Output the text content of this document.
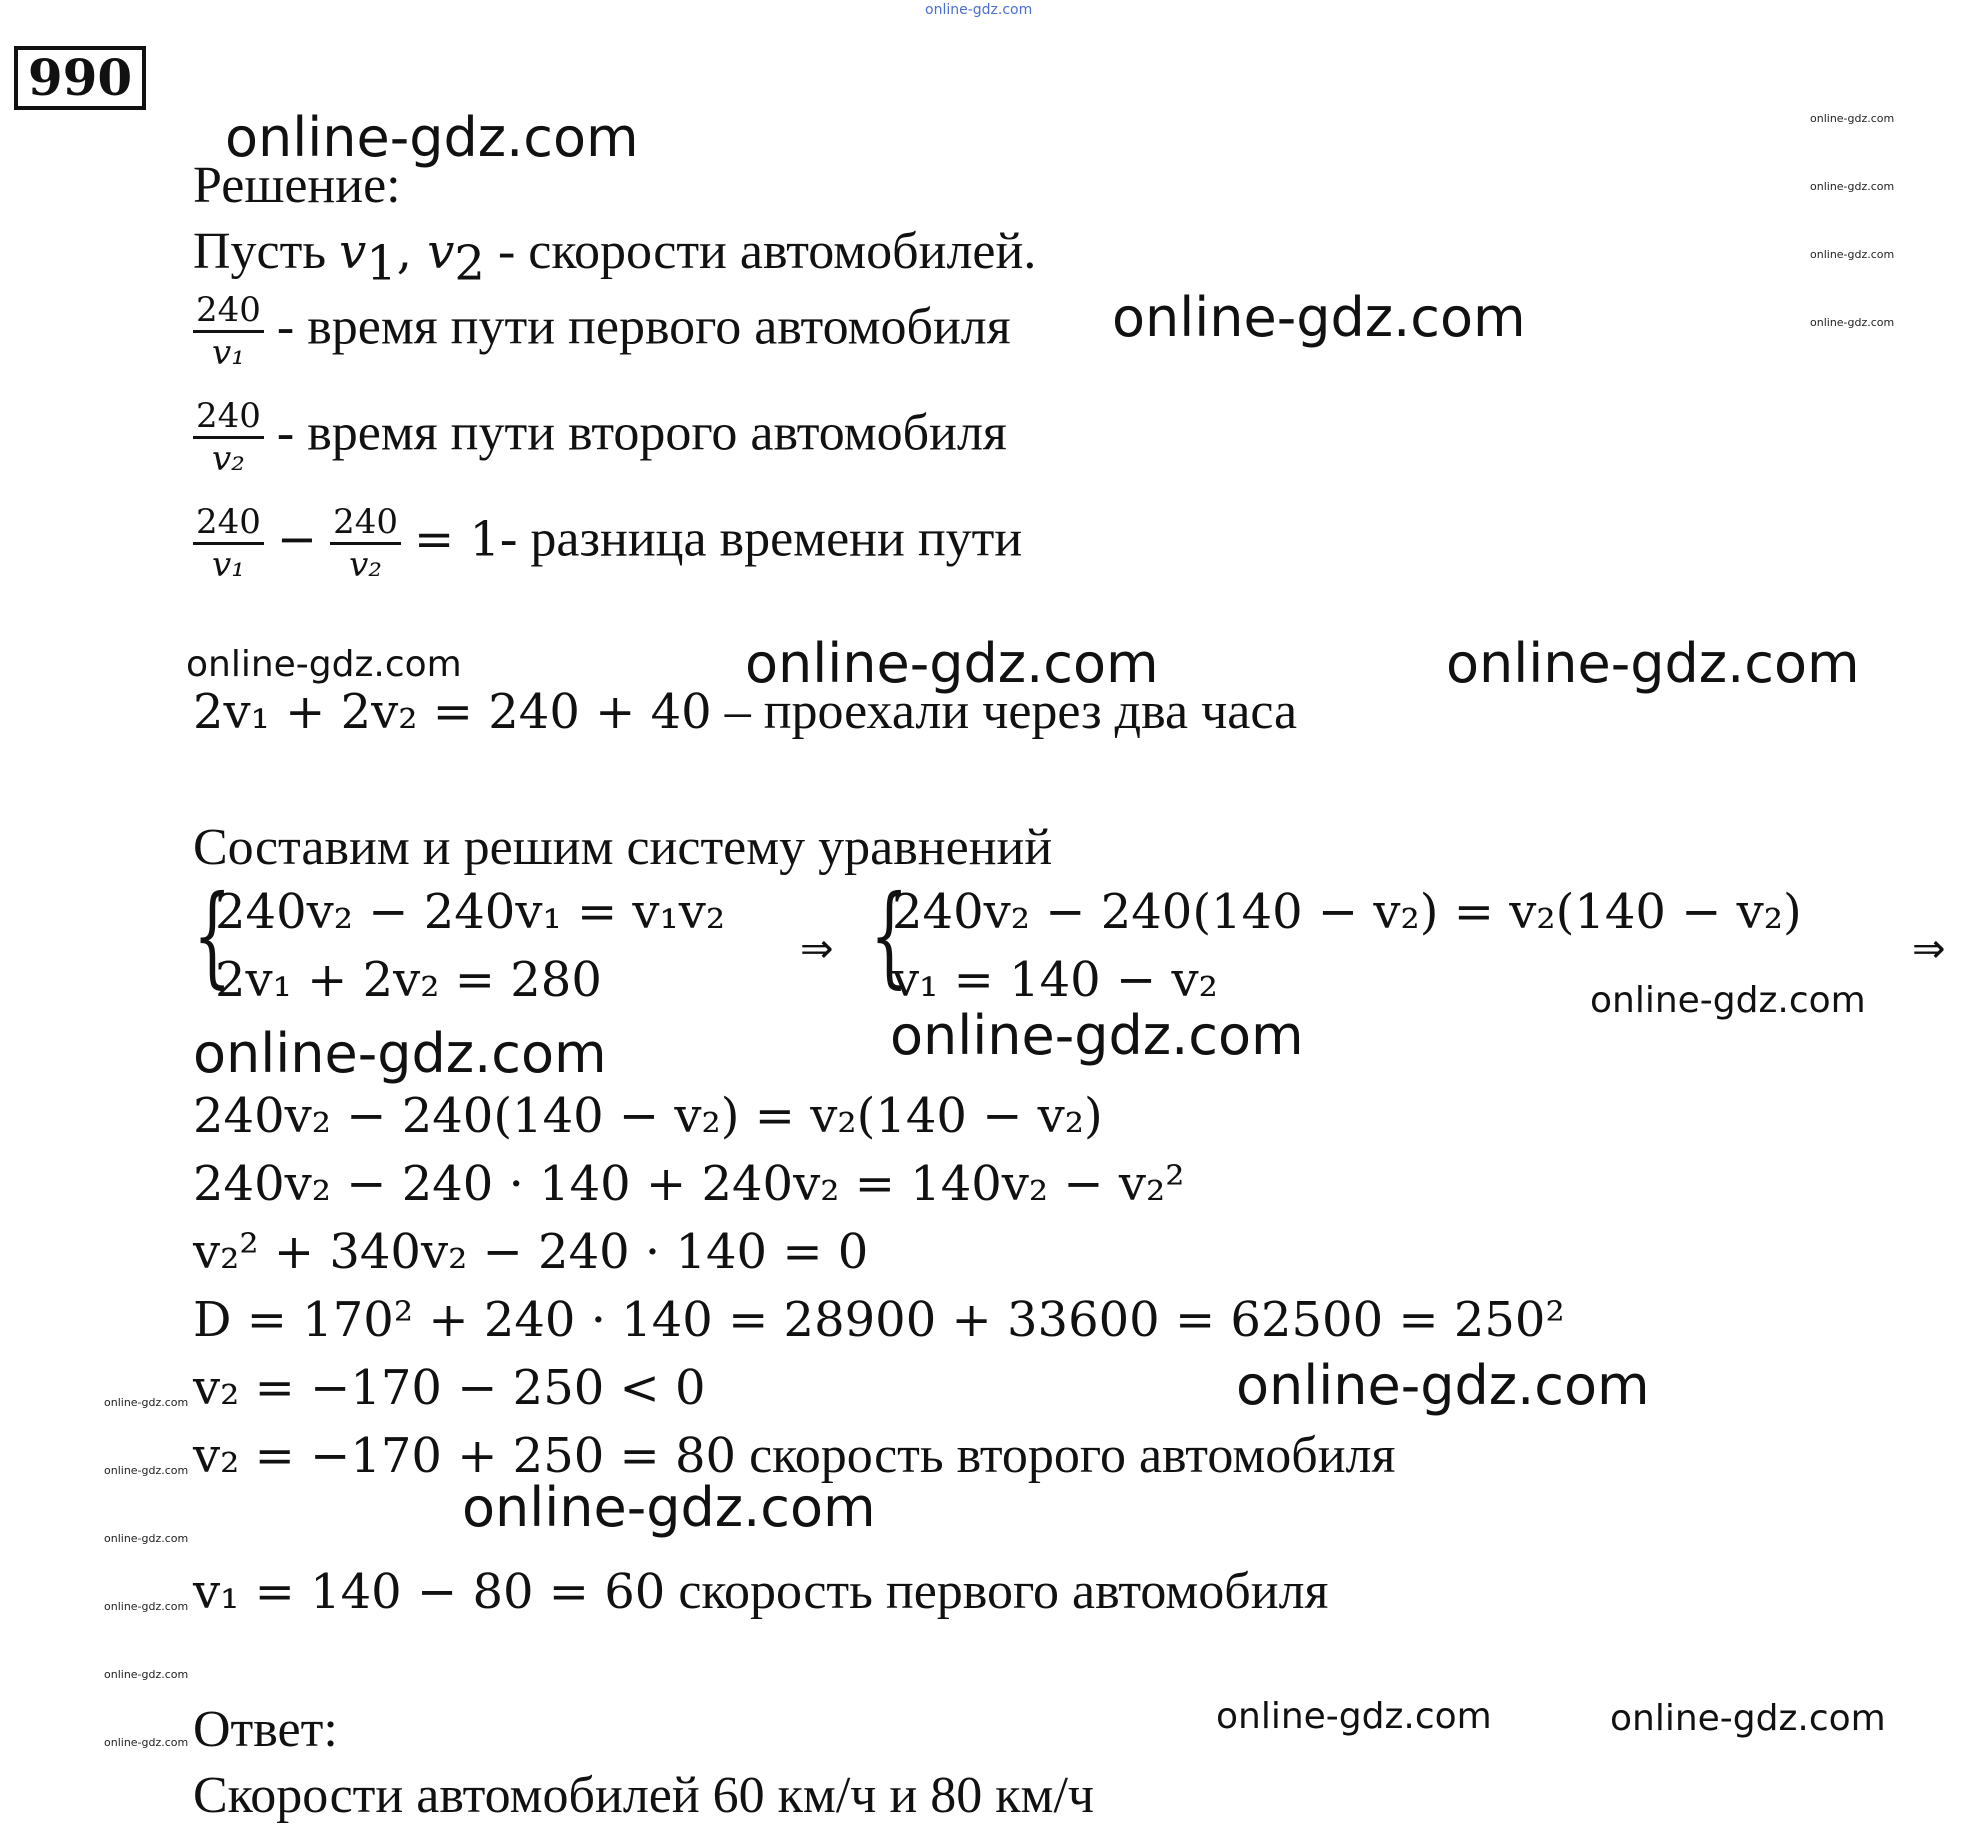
online-gdz.com
990
online-gdz.com
online-gdz.com
online-gdz.com	online-gdz.com	online-gdz.com
online-gdz.com
online-gdz.com	online-gdz.com
online-gdz.com
online-gdz.com
online-gdz.com	online-gdz.com
online-gdz.com
online-gdz.com
online-gdz.com
online-gdz.com
online-gdz.com
online-gdz.com
online-gdz.com
online-gdz.com
online-gdz.com
online-gdz.com
Решение:
Пусть $v_1$, $v_2$ - скорости автомобилей.
$\frac{240}{\text{v₁}}$ - время пути первого автомобиля
$\frac{240}{\text{v₂}}$ - время пути второго автомобиля
$\frac{240}{\text{v₁}} - \frac{240}{\text{v₂}} = 1-$ разница времени пути
2v₁ + 2v₂ = 240 + 40 – проехали через два часа
Составим и решим систему уравнений
{
240v₂ − 240v₁ = v₁v₂
2v₁ + 2v₂ = 280
⇒ {
240v₂ − 240(140 − v₂) = v₂(140 − v₂)
v₁ = 140 − v₂
⇒
240v₂ − 240(140 − v₂) = v₂(140 − v₂)
240v₂ − 240 · 140 + 240v₂ = 140v₂ − v₂²
v₂² + 340v₂ − 240 · 140 = 0
D = 170² + 240 · 140 = 28900 + 33600 = 62500 = 250²
v₂ = −170 − 250 < 0
v₂ = −170 + 250 = 80 скорость второго автомобиля
v₁ = 140 − 80 = 60 скорость первого автомобиля
Ответ:
Скорости автомобилей 60 км/ч и 80 км/ч
